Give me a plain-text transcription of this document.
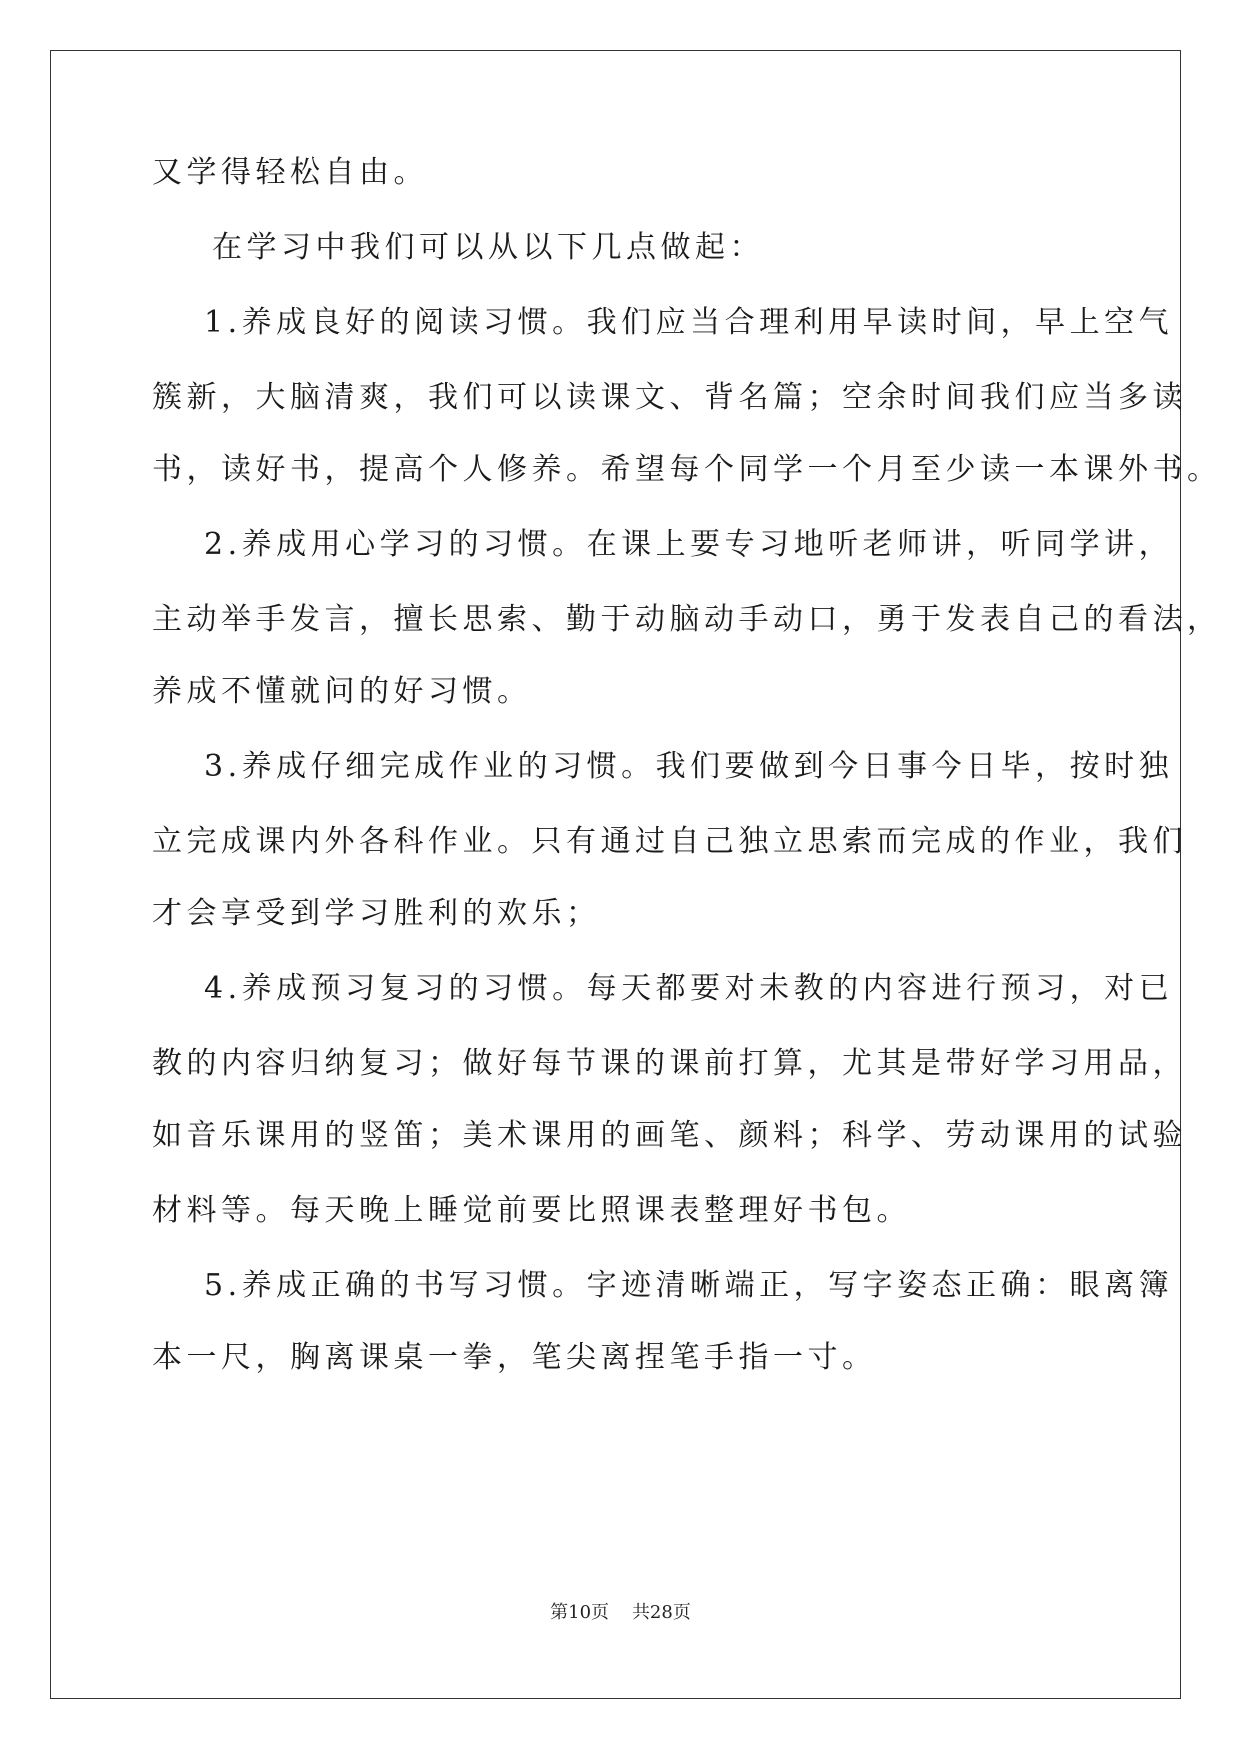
又学得轻松自由。
在学习中我们可以从以下几点做起：
1.养成良好的阅读习惯。我们应当合理利用早读时间，早上空气
簇新，大脑清爽，我们可以读课文、背名篇；空余时间我们应当多读
书，读好书，提高个人修养。希望每个同学一个月至少读一本课外书。
2.养成用心学习的习惯。在课上要专习地听老师讲，听同学讲，
主动举手发言，擅长思索、勤于动脑动手动口，勇于发表自己的看法，
养成不懂就问的好习惯。
3.养成仔细完成作业的习惯。我们要做到今日事今日毕，按时独
立完成课内外各科作业。只有通过自己独立思索而完成的作业，我们
才会享受到学习胜利的欢乐；
4.养成预习复习的习惯。每天都要对未教的内容进行预习，对已
教的内容归纳复习；做好每节课的课前打算，尤其是带好学习用品，
如音乐课用的竖笛；美术课用的画笔、颜料；科学、劳动课用的试验
材料等。每天晚上睡觉前要比照课表整理好书包。
5.养成正确的书写习惯。字迹清晰端正，写字姿态正确：眼离簿
本一尺，胸离课桌一拳，笔尖离捏笔手指一寸。
第10页 共28页
